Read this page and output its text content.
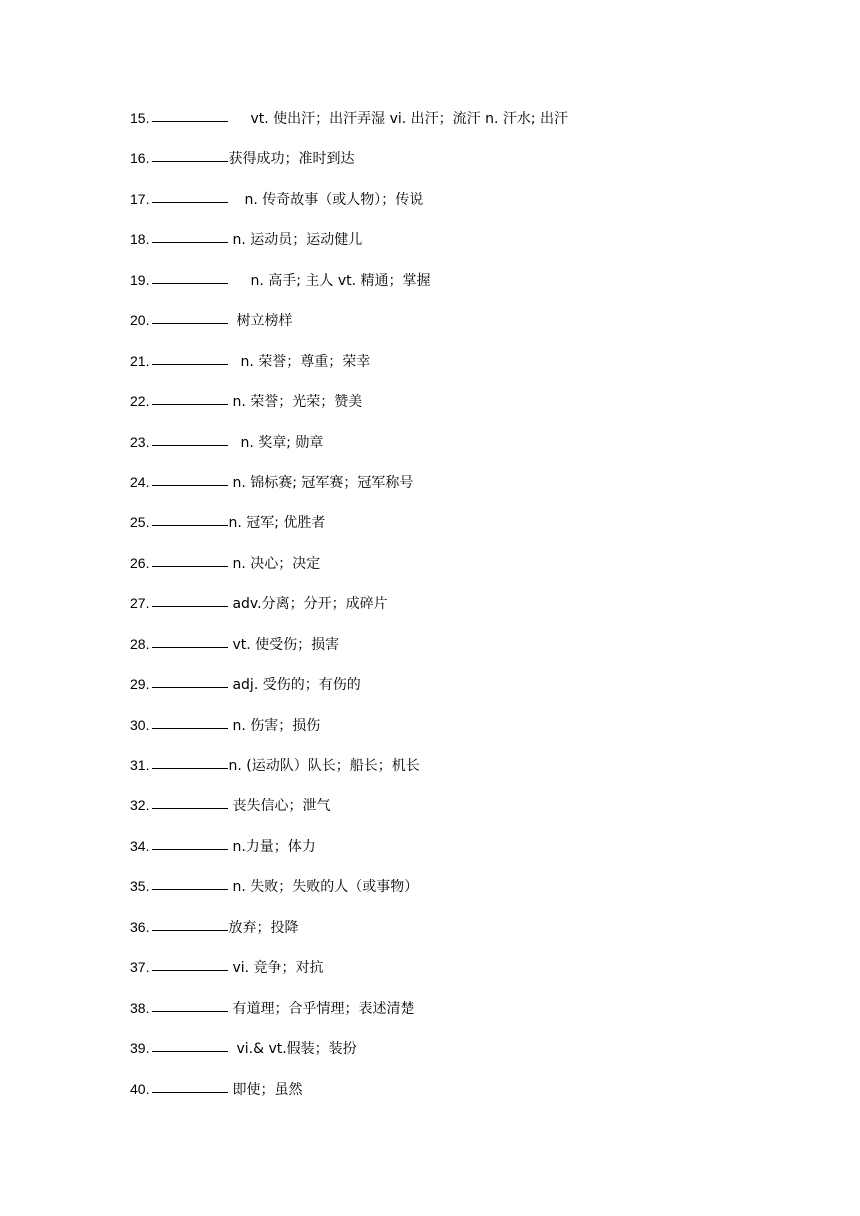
15.	vt. 使出汗；出汗弄湿 vi. 出汗；流汗 n. 汗水; 出汗
16.	获得成功；准时到达
17.	n. 传奇故事（或人物）；传说
18.	n. 运动员；运动健儿
19.	n. 高手; 主人 vt. 精通；掌握
20.	树立榜样
21.	n. 荣誉；尊重；荣幸
22.	n. 荣誉；光荣；赞美
23.	n. 奖章; 勋章
24.	n. 锦标赛; 冠军赛；冠军称号
25.	n. 冠军; 优胜者
26.	n. 决心；决定
27.	adv.分离；分开；成碎片
28.	vt. 使受伤；损害
29.	adj. 受伤的；有伤的
30.	n. 伤害；损伤
31.	n. (运动队）队长；船长；机长
32.	丧失信心；泄气
34.	n.力量；体力
35.	n. 失败；失败的人（或事物）
36.	放弃；投降
37.	vi. 竞争；对抗
38.	有道理；合乎情理；表述清楚
39.	vi.& vt.假装；装扮
40.	即使；虽然
